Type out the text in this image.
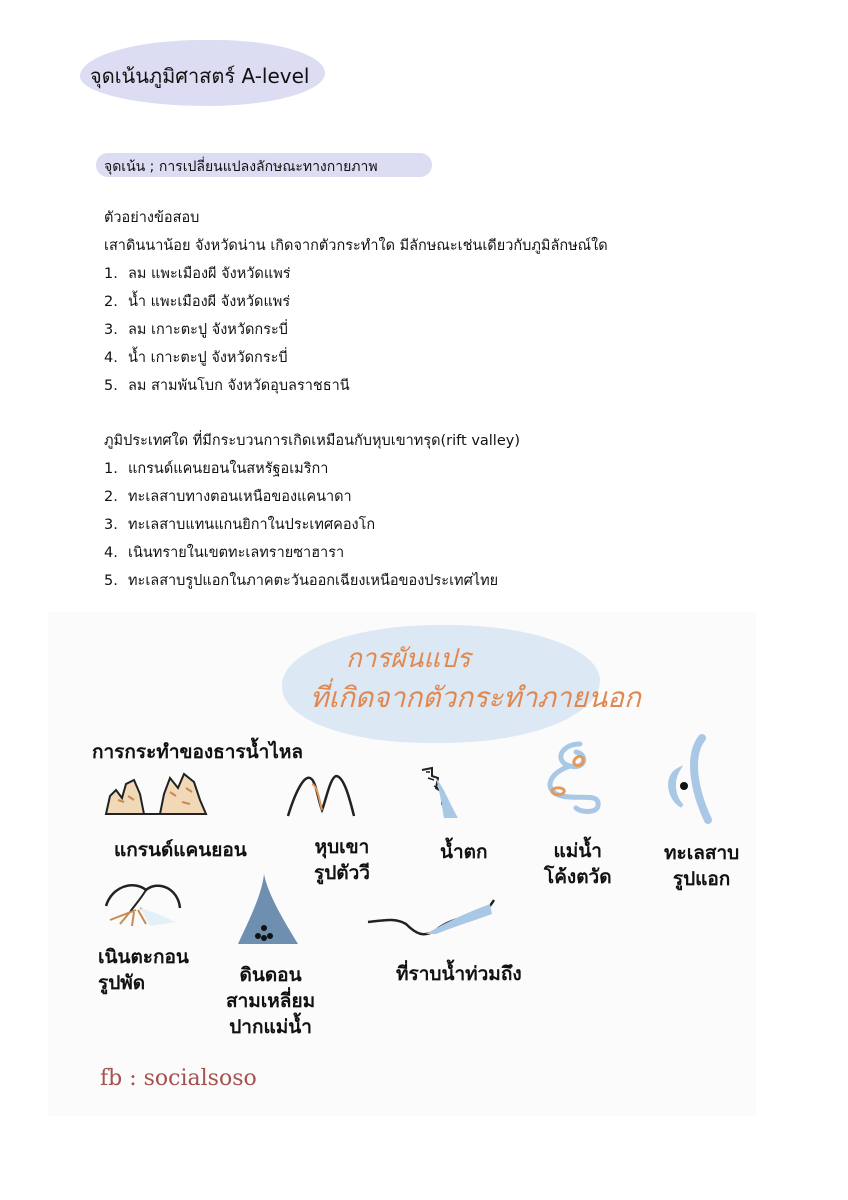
จุดเน้นภูมิศาสตร์ A-level
จุดเน้น ; การเปลี่ยนแปลงลักษณะทางกายภาพ
ตัวอย่างข้อสอบ
เสาดินนาน้อย จังหวัดน่าน เกิดจากตัวกระทำใด มีลักษณะเช่นเดียวกับภูมิลักษณ์ใด
1. ลม แพะเมืองผี จังหวัดแพร่
2. น้ำ แพะเมืองผี จังหวัดแพร่
3. ลม เกาะตะปู จังหวัดกระบี่
4. น้ำ เกาะตะปู จังหวัดกระบี่
5. ลม สามพันโบก จังหวัดอุบลราชธานี
ภูมิประเทศใด ที่มีกระบวนการเกิดเหมือนกับหุบเขาทรุด(rift valley)
1. แกรนด์แคนยอนในสหรัฐอเมริกา
2. ทะเลสาบทางตอนเหนือของแคนาดา
3. ทะเลสาบแทนแกนยิกาในประเทศคองโก
4. เนินทรายในเขตทะเลทรายซาฮารา
5. ทะเลสาบรูปแอกในภาคตะวันออกเฉียงเหนือของประเทศไทย
การผันแปร
ที่เกิดจากตัวกระทำภายนอก
การกระทำของธารน้ำไหล
แกรนด์แคนยอน	หุบเขา
รูปตัววี
น้ำตก	แม่น้ำ
โค้งตวัด
ทะเลสาบ
รูปแอก
เนินตะกอน
รูปพัด	ดินดอน
สามเหลี่ยม
ปากแม่น้ำ
ที่ราบน้ำท่วมถึง
fb : socialsoso
